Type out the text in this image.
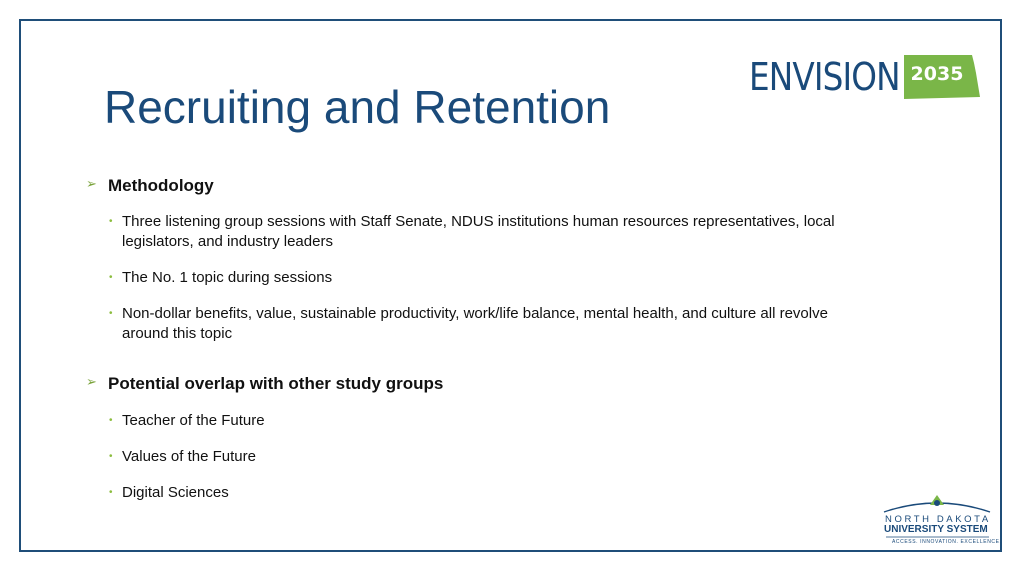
Recruiting and Retention
ENVISION 2035
➢ Methodology
• Three listening group sessions with Staff Senate, NDUS institutions human resources representatives, local legislators, and industry leaders
• The No. 1 topic during sessions
• Non-dollar benefits, value, sustainable productivity, work/life balance, mental health, and culture all revolve around this topic
➢ Potential overlap with other study groups
• Teacher of the Future
• Values of the Future
• Digital Sciences
NORTH DAKOTA
UNIVERSITY SYSTEM
ACCESS. INNOVATION. EXCELLENCE.
